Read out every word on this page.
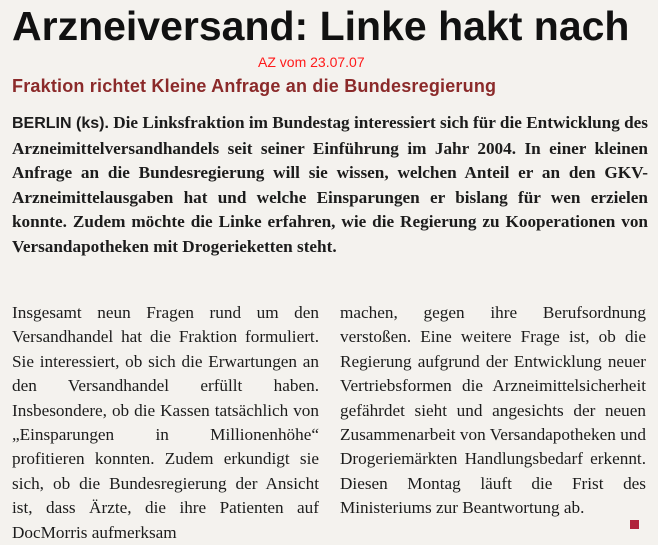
Arzneiversand: Linke hakt nach
AZ vom 23.07.07
Fraktion richtet Kleine Anfrage an die Bundesregierung

BERLIN (ks). Die Linksfraktion im Bundestag interessiert sich für die Entwicklung des Arzneimittelversandhandels seit seiner Einführung im Jahr 2004. In einer kleinen Anfrage an die Bundesregierung will sie wissen, welchen Anteil er an den GKV-Arzneimittelausgaben hat und welche Einsparungen er bislang für wen erzielen konnte. Zudem möchte die Linke erfahren, wie die Regierung zu Kooperationen von Versandapotheken mit Drogerieketten steht.

Insgesamt neun Fragen rund um den Versandhandel hat die Fraktion formuliert. Sie interessiert, ob sich die Erwartungen an den Versandhandel erfüllt haben. Insbesondere, ob die Kassen tatsächlich von „Einsparungen in Millionenhöhe“ profitieren konnten. Zudem erkundigt sie sich, ob die Bundesregierung der Ansicht ist, dass Ärzte, die ihre Patienten auf DocMorris aufmerksam

machen, gegen ihre Berufsordnung verstoßen. Eine weitere Frage ist, ob die Regierung aufgrund der Entwicklung neuer Vertriebsformen die Arzneimittelsicherheit gefährdet sieht und angesichts der neuen Zusammenarbeit von Versandapotheken und Drogeriemärkten Handlungsbedarf erkennt. Diesen Montag läuft die Frist des Ministeriums zur Beantwortung ab.
